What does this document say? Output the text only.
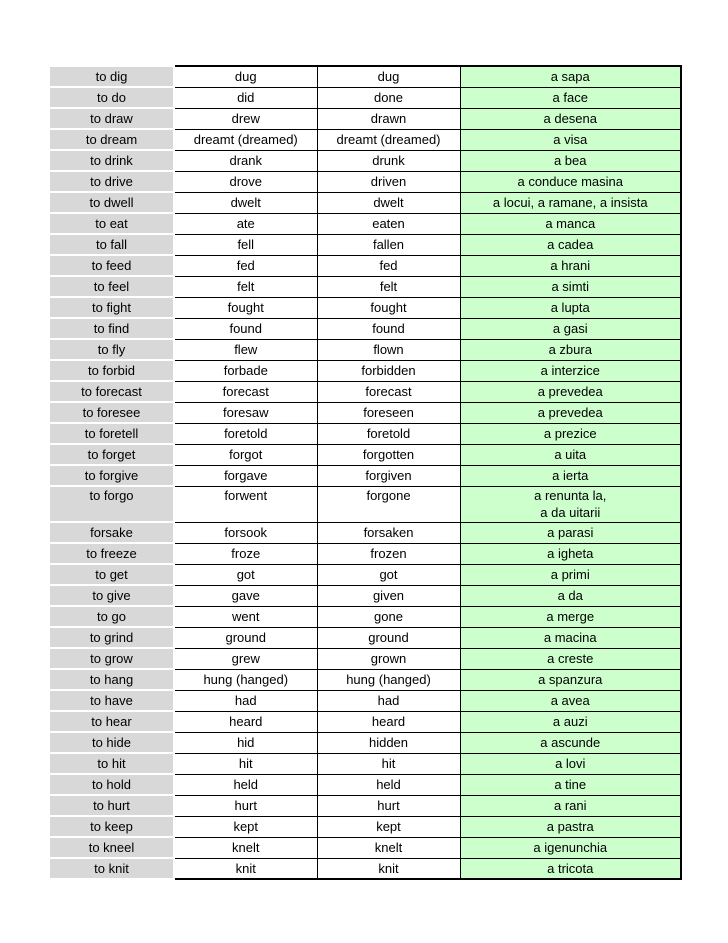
to dig	dug	dug	a sapa
to do	did	done	a face
to draw	drew	drawn	a desena
to dream	dreamt (dreamed)	dreamt (dreamed)	a visa
to drink	drank	drunk	a bea
to drive	drove	driven	a conduce masina
to dwell	dwelt	dwelt	a locui, a ramane, a insista
to eat	ate	eaten	a manca
to fall	fell	fallen	a cadea
to feed	fed	fed	a hrani
to feel	felt	felt	a simti
to fight	fought	fought	a lupta
to find	found	found	a gasi
to fly	flew	flown	a zbura
to forbid	forbade	forbidden	a interzice
to forecast	forecast	forecast	a prevedea
to foresee	foresaw	foreseen	a prevedea
to foretell	foretold	foretold	a prezice
to forget	forgot	forgotten	a uita
to forgive	forgave	forgiven	a ierta
to forgo	forwent	forgone	a renunta la,
a da uitarii

forsake	forsook	forsaken	a parasi
to freeze	froze	frozen	a igheta
to get	got	got	a primi
to give	gave	given	a da
to go	went	gone	a merge
to grind	ground	ground	a macina
to grow	grew	grown	a creste
to hang	hung (hanged)	hung (hanged)	a spanzura
to have	had	had	a avea
to hear	heard	heard	a auzi
to hide	hid	hidden	a ascunde
to hit	hit	hit	a lovi
to hold	held	held	a tine
to hurt	hurt	hurt	a rani
to keep	kept	kept	a pastra
to kneel	knelt	knelt	a igenunchia
to knit	knit	knit	a tricota
